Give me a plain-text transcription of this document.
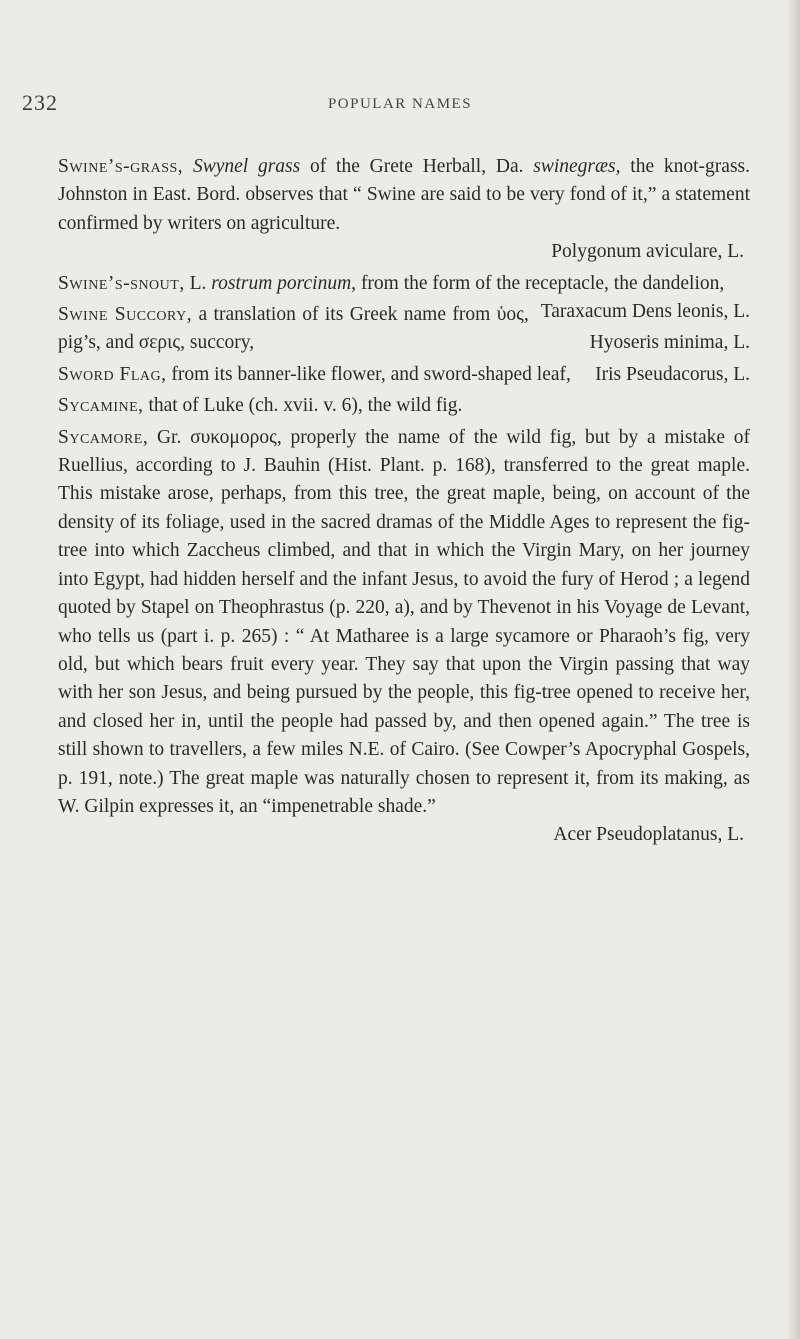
232	POPULAR NAMES

Swine’s-grass, Swynel grass of the Grete Herball, Da. swinegræs, the knot-grass. Johnston in East. Bord. observes that “ Swine are said to be very fond of it,” a statement confirmed by writers on agriculture.

Polygonum aviculare, L.

Swine’s-snout, L. rostrum porcinum, from the form of the receptacle, the dandelion,
Taraxacum Dens leonis, L.

Swine Succory, a translation of its Greek name from ὑος, pig’s, and σερις, succory,	Hyoseris minima, L.

Sword Flag, from its banner-like flower, and sword-shaped leaf, Iris Pseudacorus, L.

Sycamine, that of Luke (ch. xvii. v. 6), the wild fig.

Sycamore, Gr. συκομορος, properly the name of the wild fig, but by a mistake of Ruellius, according to J. Bauhin (Hist. Plant. p. 168), transferred to the great maple. This mistake arose, perhaps, from this tree, the great maple, being, on account of the density of its foliage, used in the sacred dramas of the Middle Ages to represent the fig-tree into which Zaccheus climbed, and that in which the Virgin Mary, on her journey into Egypt, had hidden herself and the infant Jesus, to avoid the fury of Herod ; a legend quoted by Stapel on Theophrastus (p. 220, a), and by Thevenot in his Voyage de Levant, who tells us (part i. p. 265) : “ At Matharee is a large sycamore or Pharaoh’s fig, very old, but which bears fruit every year. They say that upon the Virgin passing that way with her son Jesus, and being pursued by the people, this fig-tree opened to receive her, and closed her in, until the people had passed by, and then opened again.” The tree is still shown to travellers, a few miles N.E. of Cairo. (See Cowper’s Apocryphal Gospels, p. 191, note.) The great maple was naturally chosen to represent it, from its making, as W. Gilpin expresses it, an “impenetrable shade.”

Acer Pseudoplatanus, L.
